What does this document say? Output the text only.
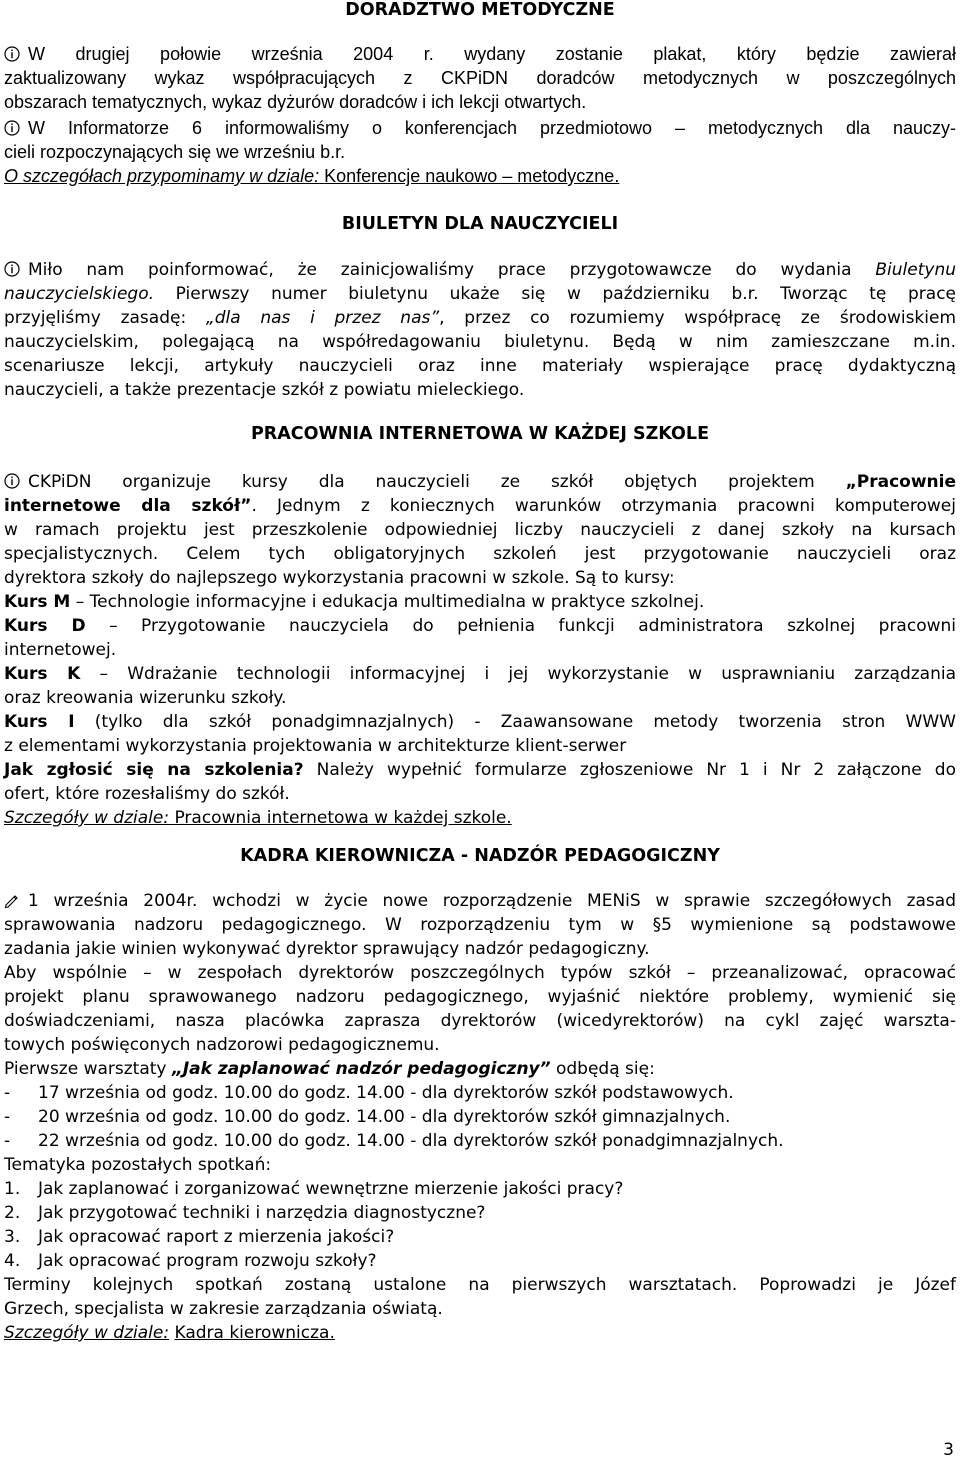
DORADZTWO METODYCZNE
W drugiej połowie września 2004 r. wydany zostanie plakat, który będzie zawierał
zaktualizowany wykaz współpracujących z CKPiDN doradców metodycznych w poszczególnych
obszarach tematycznych, wykaz dyżurów doradców i ich lekcji otwartych.
W Informatorze 6 informowaliśmy o konferencjach przedmiotowo – metodycznych dla nauczy-
cieli rozpoczynających się we wrześniu b.r.
O szczegółach przypominamy w dziale: Konferencje naukowo – metodyczne.
BIULETYN DLA NAUCZYCIELI
Miło nam poinformować, że zainicjowaliśmy prace przygotowawcze do wydania Biuletynu
nauczycielskiego. Pierwszy numer biuletynu ukaże się w październiku b.r. Tworząc tę pracę
przyjęliśmy zasadę: „dla nas i przez nas”, przez co rozumiemy współpracę ze środowiskiem
nauczycielskim, polegającą na współredagowaniu biuletynu. Będą w nim zamieszczane m.in.
scenariusze lekcji, artykuły nauczycieli oraz inne materiały wspierające pracę dydaktyczną
nauczycieli, a także prezentacje szkół z powiatu mieleckiego.
PRACOWNIA INTERNETOWA W KAŻDEJ SZKOLE
CKPiDN organizuje kursy dla nauczycieli ze szkół objętych projektem „Pracownie
internetowe dla szkół”. Jednym z koniecznych warunków otrzymania pracowni komputerowej
w ramach projektu jest przeszkolenie odpowiedniej liczby nauczycieli z danej szkoły na kursach
specjalistycznych. Celem tych obligatoryjnych szkoleń jest przygotowanie nauczycieli oraz
dyrektora szkoły do najlepszego wykorzystania pracowni w szkole. Są to kursy:
Kurs M – Technologie informacyjne i edukacja multimedialna w praktyce szkolnej.
Kurs D – Przygotowanie nauczyciela do pełnienia funkcji administratora szkolnej pracowni
internetowej.
Kurs K – Wdrażanie technologii informacyjnej i jej wykorzystanie w usprawnianiu zarządzania
oraz kreowania wizerunku szkoły.
Kurs I (tylko dla szkół ponadgimnazjalnych) - Zaawansowane metody tworzenia stron WWW
z elementami wykorzystania projektowania w architekturze klient-serwer
Jak zgłosić się na szkolenia? Należy wypełnić formularze zgłoszeniowe Nr 1 i Nr 2 załączone do
ofert, które rozesłaliśmy do szkół.
Szczegóły w dziale: Pracownia internetowa w każdej szkole.
KADRA KIEROWNICZA - NADZÓR PEDAGOGICZNY
1 września 2004r. wchodzi w życie nowe rozporządzenie MENiS w sprawie szczegółowych zasad
sprawowania nadzoru pedagogicznego. W rozporządzeniu tym w §5 wymienione są podstawowe
zadania jakie winien wykonywać dyrektor sprawujący nadzór pedagogiczny.
Aby wspólnie – w zespołach dyrektorów poszczególnych typów szkół – przeanalizować, opracować
projekt planu sprawowanego nadzoru pedagogicznego, wyjaśnić niektóre problemy, wymienić się
doświadczeniami, nasza placówka zaprasza dyrektorów (wicedyrektorów) na cykl zajęć warszta-
towych poświęconych nadzorowi pedagogicznemu.
Pierwsze warsztaty „Jak zaplanować nadzór pedagogiczny” odbędą się:
- 17 września od godz. 10.00 do godz. 14.00 - dla dyrektorów szkół podstawowych.
- 20 września od godz. 10.00 do godz. 14.00 - dla dyrektorów szkół gimnazjalnych.
- 22 września od godz. 10.00 do godz. 14.00 - dla dyrektorów szkół ponadgimnazjalnych.
Tematyka pozostałych spotkań:
1. Jak zaplanować i zorganizować wewnętrzne mierzenie jakości pracy?
2. Jak przygotować techniki i narzędzia diagnostyczne?
3. Jak opracować raport z mierzenia jakości?
4. Jak opracować program rozwoju szkoły?
Terminy kolejnych spotkań zostaną ustalone na pierwszych warsztatach. Poprowadzi je Józef
Grzech, specjalista w zakresie zarządzania oświatą.
Szczegóły w dziale: Kadra kierownicza.
3
